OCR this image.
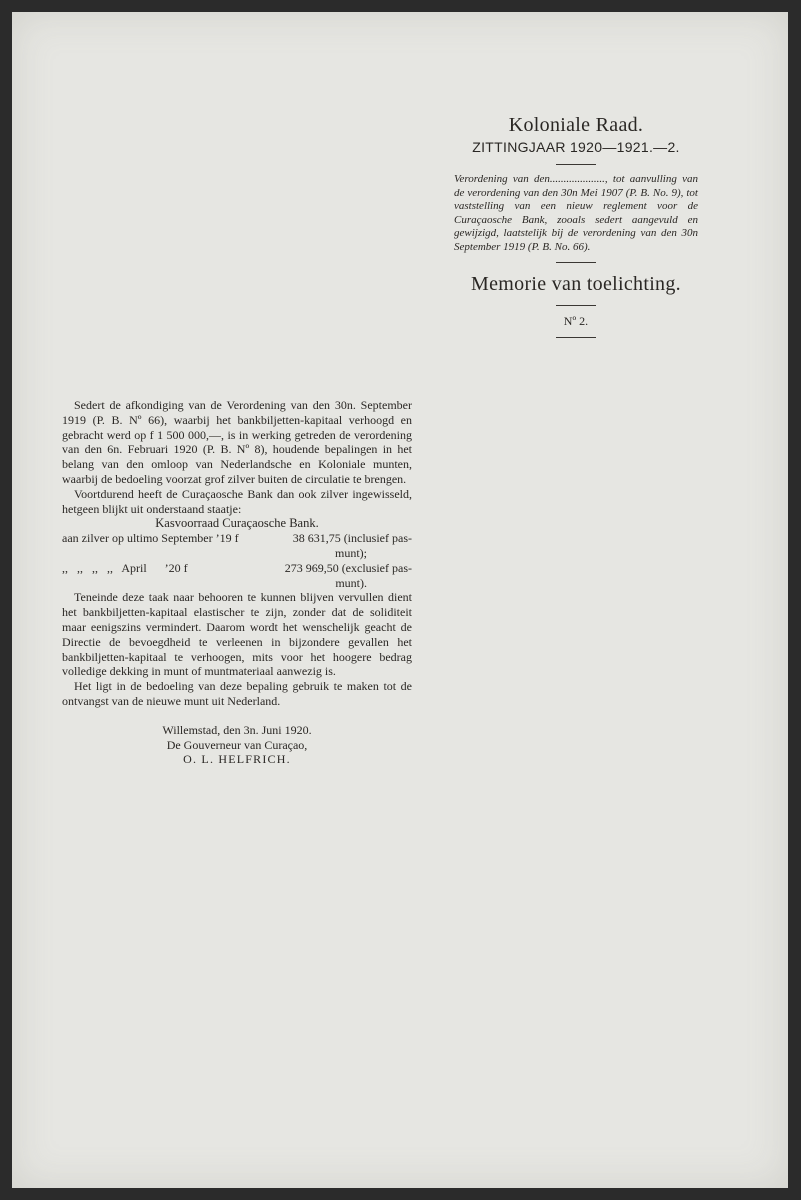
Koloniale Raad.
ZITTINGJAAR 1920—1921.—2.
Verordening van den...................., tot aanvulling van de verordening van den 30n Mei 1907 (P. B. No. 9), tot vaststelling van een nieuw reglement voor de Curaçaosche Bank, zooals sedert aangevuld en gewijzigd, laatstelijk bij de verordening van den 30n September 1919 (P. B. No. 66).
Memorie van toelichting.
Nº 2.

Sedert de afkondiging van de Verordening van den 30n. September 1919 (P. B. Nº 66), waarbij het bankbiljetten-kapitaal verhoogd en gebracht werd op f 1 500 000,—, is in werking getreden de verordening van den 6n. Februari 1920 (P. B. Nº 8), houdende bepalingen in het belang van den omloop van Nederlandsche en Koloniale munten, waarbij de bedoeling voorzat grof zilver buiten de circulatie te brengen.

Voortdurend heeft de Curaçaosche Bank dan ook zilver ingewisseld, hetgeen blijkt uit onderstaand staatje:

Kasvoorraad Curaçaosche Bank.

aan zilver op ultimo September ’19 f	38 631,75 (inclusief pas-

munt);

,,   ,,   ,,   ,,   April      ’20 f	273 969,50 (exclusief pas-

munt).

Teneinde deze taak naar behooren te kunnen blijven vervullen dient het bankbiljetten-kapitaal elastischer te zijn, zonder dat de soliditeit maar eenigszins vermindert. Daarom wordt het wenschelijk geacht de Directie de bevoegdheid te verleenen in bijzondere gevallen het bankbiljetten-kapitaal te verhoogen, mits voor het hoogere bedrag volledige dekking in munt of muntmateriaal aanwezig is.

Het ligt in de bedoeling van deze bepaling gebruik te maken tot de ontvangst van de nieuwe munt uit Nederland.

Willemstad, den 3n. Juni 1920.

De Gouverneur van Curaçao,

O. L. HELFRICH.
